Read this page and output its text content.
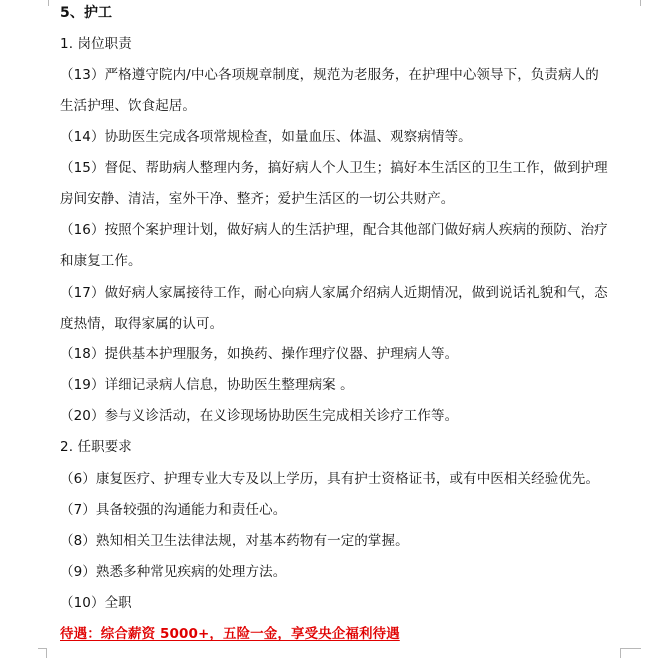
5、护工
1. 岗位职责
（13）严格遵守院内/中心各项规章制度，规范为老服务，在护理中心领导下，负责病人的
生活护理、饮食起居。
（14）协助医生完成各项常规检查，如量血压、体温、观察病情等。
（15）督促、帮助病人整理内务，搞好病人个人卫生；搞好本生活区的卫生工作，做到护理
房间安静、清洁，室外干净、整齐；爱护生活区的一切公共财产。
（16）按照个案护理计划，做好病人的生活护理，配合其他部门做好病人疾病的预防、治疗
和康复工作。
（17）做好病人家属接待工作，耐心向病人家属介绍病人近期情况，做到说话礼貌和气，态
度热情，取得家属的认可。
（18）提供基本护理服务，如换药、操作理疗仪器、护理病人等。
（19）详细记录病人信息，协助医生整理病案 。
（20）参与义诊活动，在义诊现场协助医生完成相关诊疗工作等。
2. 任职要求
（6）康复医疗、护理专业大专及以上学历，具有护士资格证书，或有中医相关经验优先。
（7）具备较强的沟通能力和责任心。
（8）熟知相关卫生法律法规，对基本药物有一定的掌握。
（9）熟悉多种常见疾病的处理方法。
（10）全职
待遇：综合薪资 5000+，五险一金，享受央企福利待遇
